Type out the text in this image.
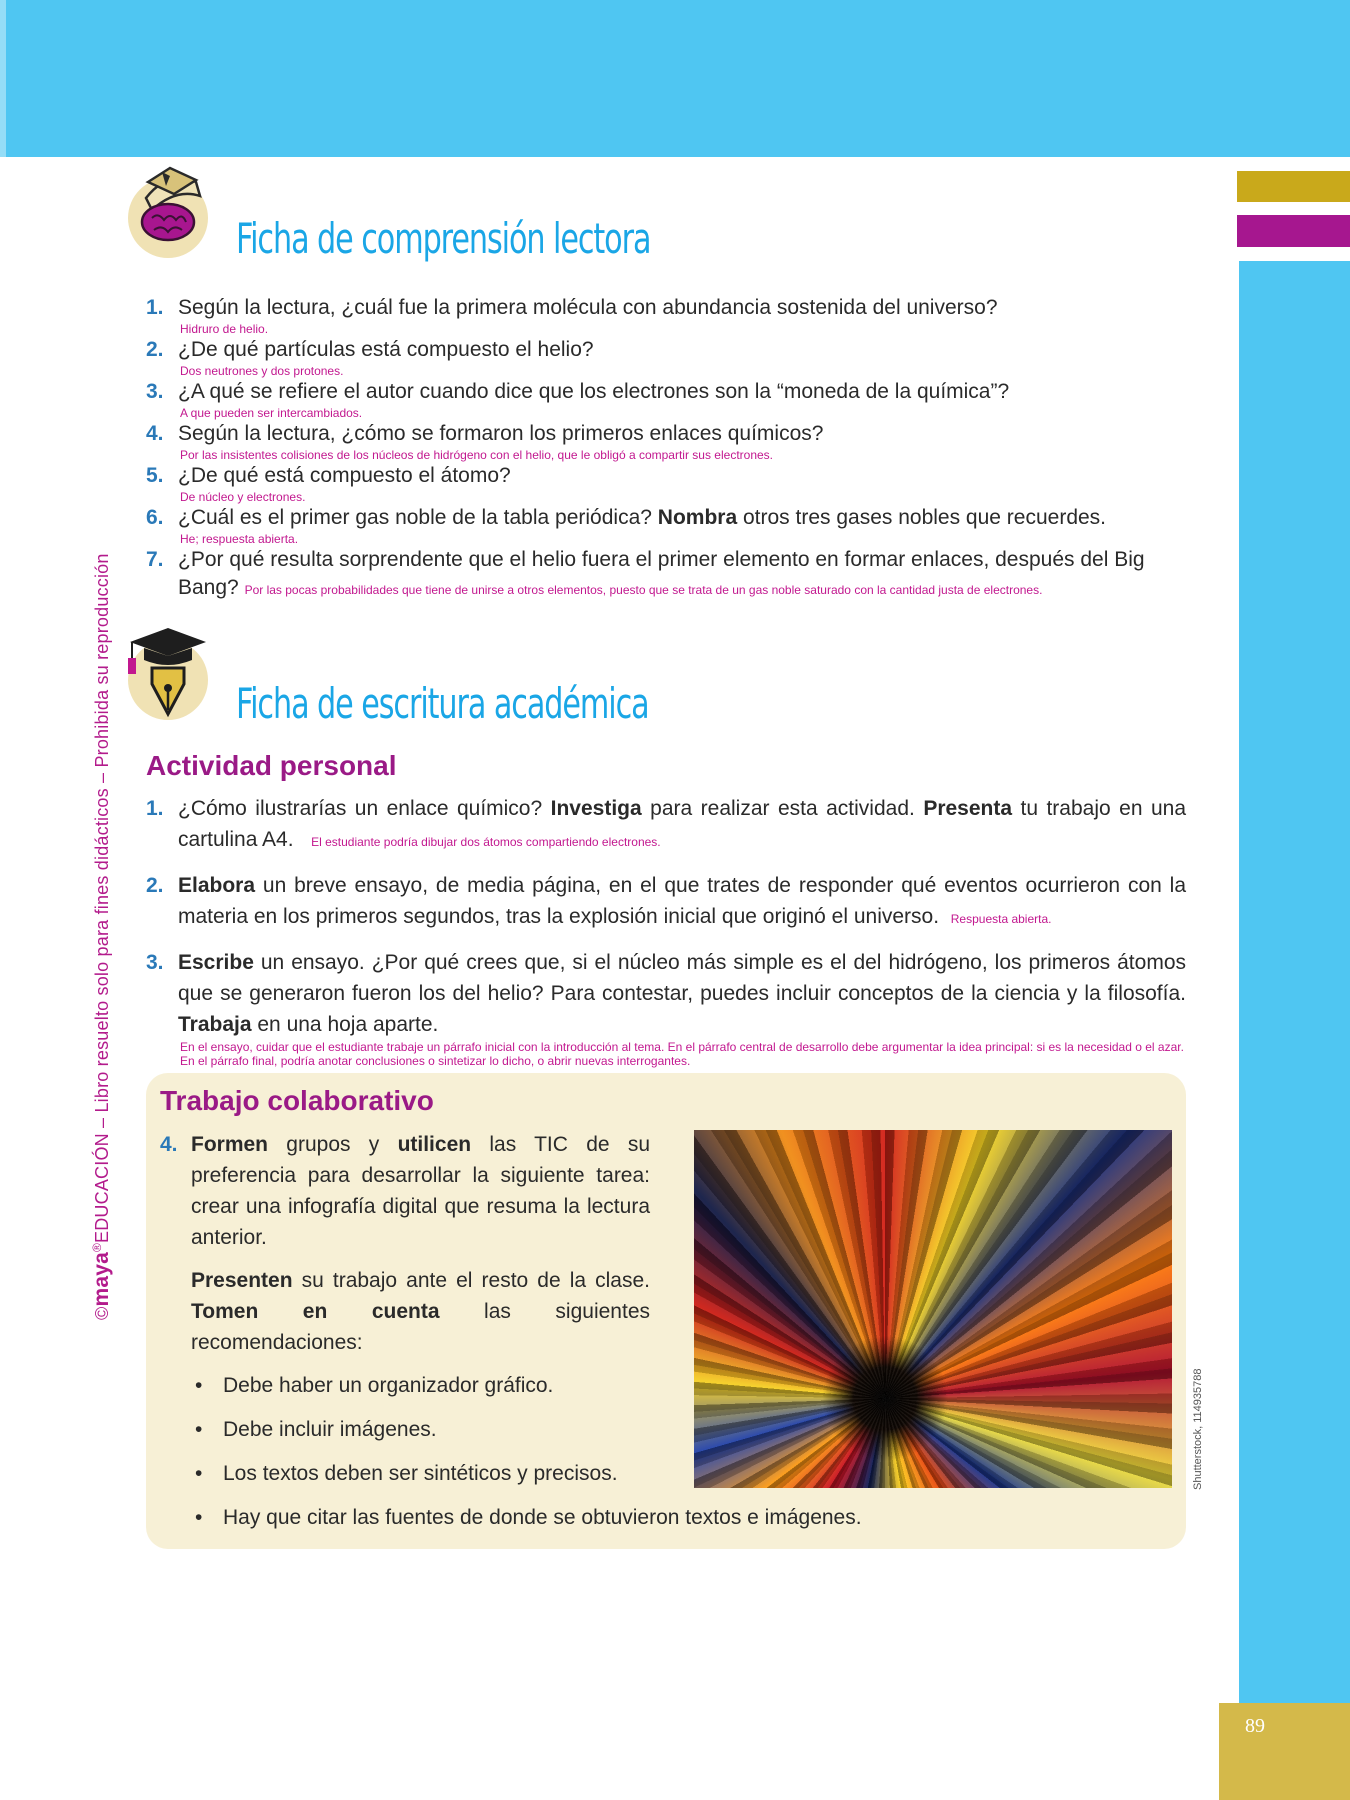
89
©maya®EDUCACIÓN – Libro resuelto solo para fines didácticos – Prohibida su reproducción
Ficha de comprensión lectora
1. Según la lectura, ¿cuál fue la primera molécula con abundancia sostenida del universo?
Hidruro de helio.
2. ¿De qué partículas está compuesto el helio?
Dos neutrones y dos protones.
3. ¿A qué se refiere el autor cuando dice que los electrones son la “moneda de la química”?
A que pueden ser intercambiados.
4. Según la lectura, ¿cómo se formaron los primeros enlaces químicos?
Por las insistentes colisiones de los núcleos de hidrógeno con el helio, que le obligó a compartir sus electrones.
5. ¿De qué está compuesto el átomo?
De núcleo y electrones.
6. ¿Cuál es el primer gas noble de la tabla periódica? Nombra otros tres gases nobles que recuerdes.
He; respuesta abierta.
7. ¿Por qué resulta sorprendente que el helio fuera el primer elemento en formar enlaces, después del Big Bang? Por las pocas probabilidades que tiene de unirse a otros elementos, puesto que se trata de un gas noble saturado con la cantidad justa de electrones.
Ficha de escritura académica
Actividad personal
1. ¿Cómo ilustrarías un enlace químico? Investiga para realizar esta actividad. Presenta tu trabajo en una cartulina A4. El estudiante podría dibujar dos átomos compartiendo electrones.
2. Elabora un breve ensayo, de media página, en el que trates de responder qué eventos ocurrieron con la materia en los primeros segundos, tras la explosión inicial que originó el universo. Respuesta abierta.
3. Escribe un ensayo. ¿Por qué crees que, si el núcleo más simple es el del hidrógeno, los primeros átomos que se generaron fueron los del helio? Para contestar, puedes incluir conceptos de la ciencia y la filosofía. Trabaja en una hoja aparte.
En el ensayo, cuidar que el estudiante trabaje un párrafo inicial con la introducción al tema. En el párrafo central de desarrollo debe argumentar la idea principal: si es la necesidad o el azar. En el párrafo final, podría anotar conclusiones o sintetizar lo dicho, o abrir nuevas interrogantes.
Trabajo colaborativo
4. Formen grupos y utilicen las TIC de su preferencia para desarrollar la siguiente tarea: crear una infografía digital que resuma la lectura anterior.
Presenten su trabajo ante el resto de la clase. Tomen en cuenta las siguientes recomendaciones:
• Debe haber un organizador gráfico.
• Debe incluir imágenes.
• Los textos deben ser sintéticos y precisos.
• Hay que citar las fuentes de donde se obtuvieron textos e imágenes.
Shutterstock, 114935788
